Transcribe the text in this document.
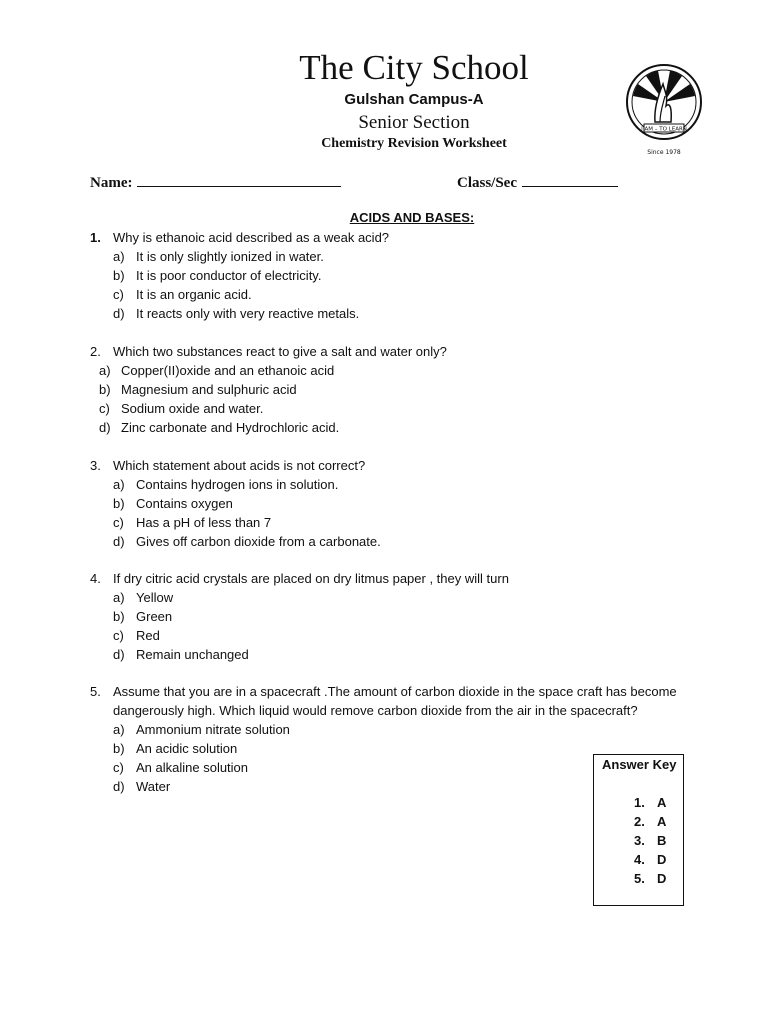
The City School
Gulshan Campus-A
Senior Section
Chemistry Revision Worksheet
I AM – TO LEARN
Since 1978
Name:	Class/Sec
ACIDS AND BASES:
1. Why is ethanoic acid described as a weak acid?
a) It is only slightly ionized in water.
b) It is poor conductor of electricity.
c) It is an organic acid.
d) It reacts only with very reactive metals.
2. Which two substances react to give a salt and water only?
a) Copper(II)oxide and an ethanoic acid
b) Magnesium and sulphuric acid
c) Sodium oxide and water.
d) Zinc carbonate and Hydrochloric acid.
3. Which statement about acids is not correct?
a) Contains hydrogen ions in solution.
b) Contains oxygen
c) Has a pH of less than 7
d) Gives off carbon dioxide from a carbonate.
4. If dry citric acid crystals are placed on dry litmus paper , they will turn
a) Yellow
b) Green
c) Red
d) Remain unchanged
5. Assume that you are in a spacecraft .The amount of carbon dioxide in the space craft has become
dangerously high. Which liquid would remove carbon dioxide from the air in the spacecraft?
a) Ammonium nitrate solution
b) An acidic solution
c) An alkaline solution
d) Water
Answer Key
1. A
2. A
3. B
4. D
5. D
